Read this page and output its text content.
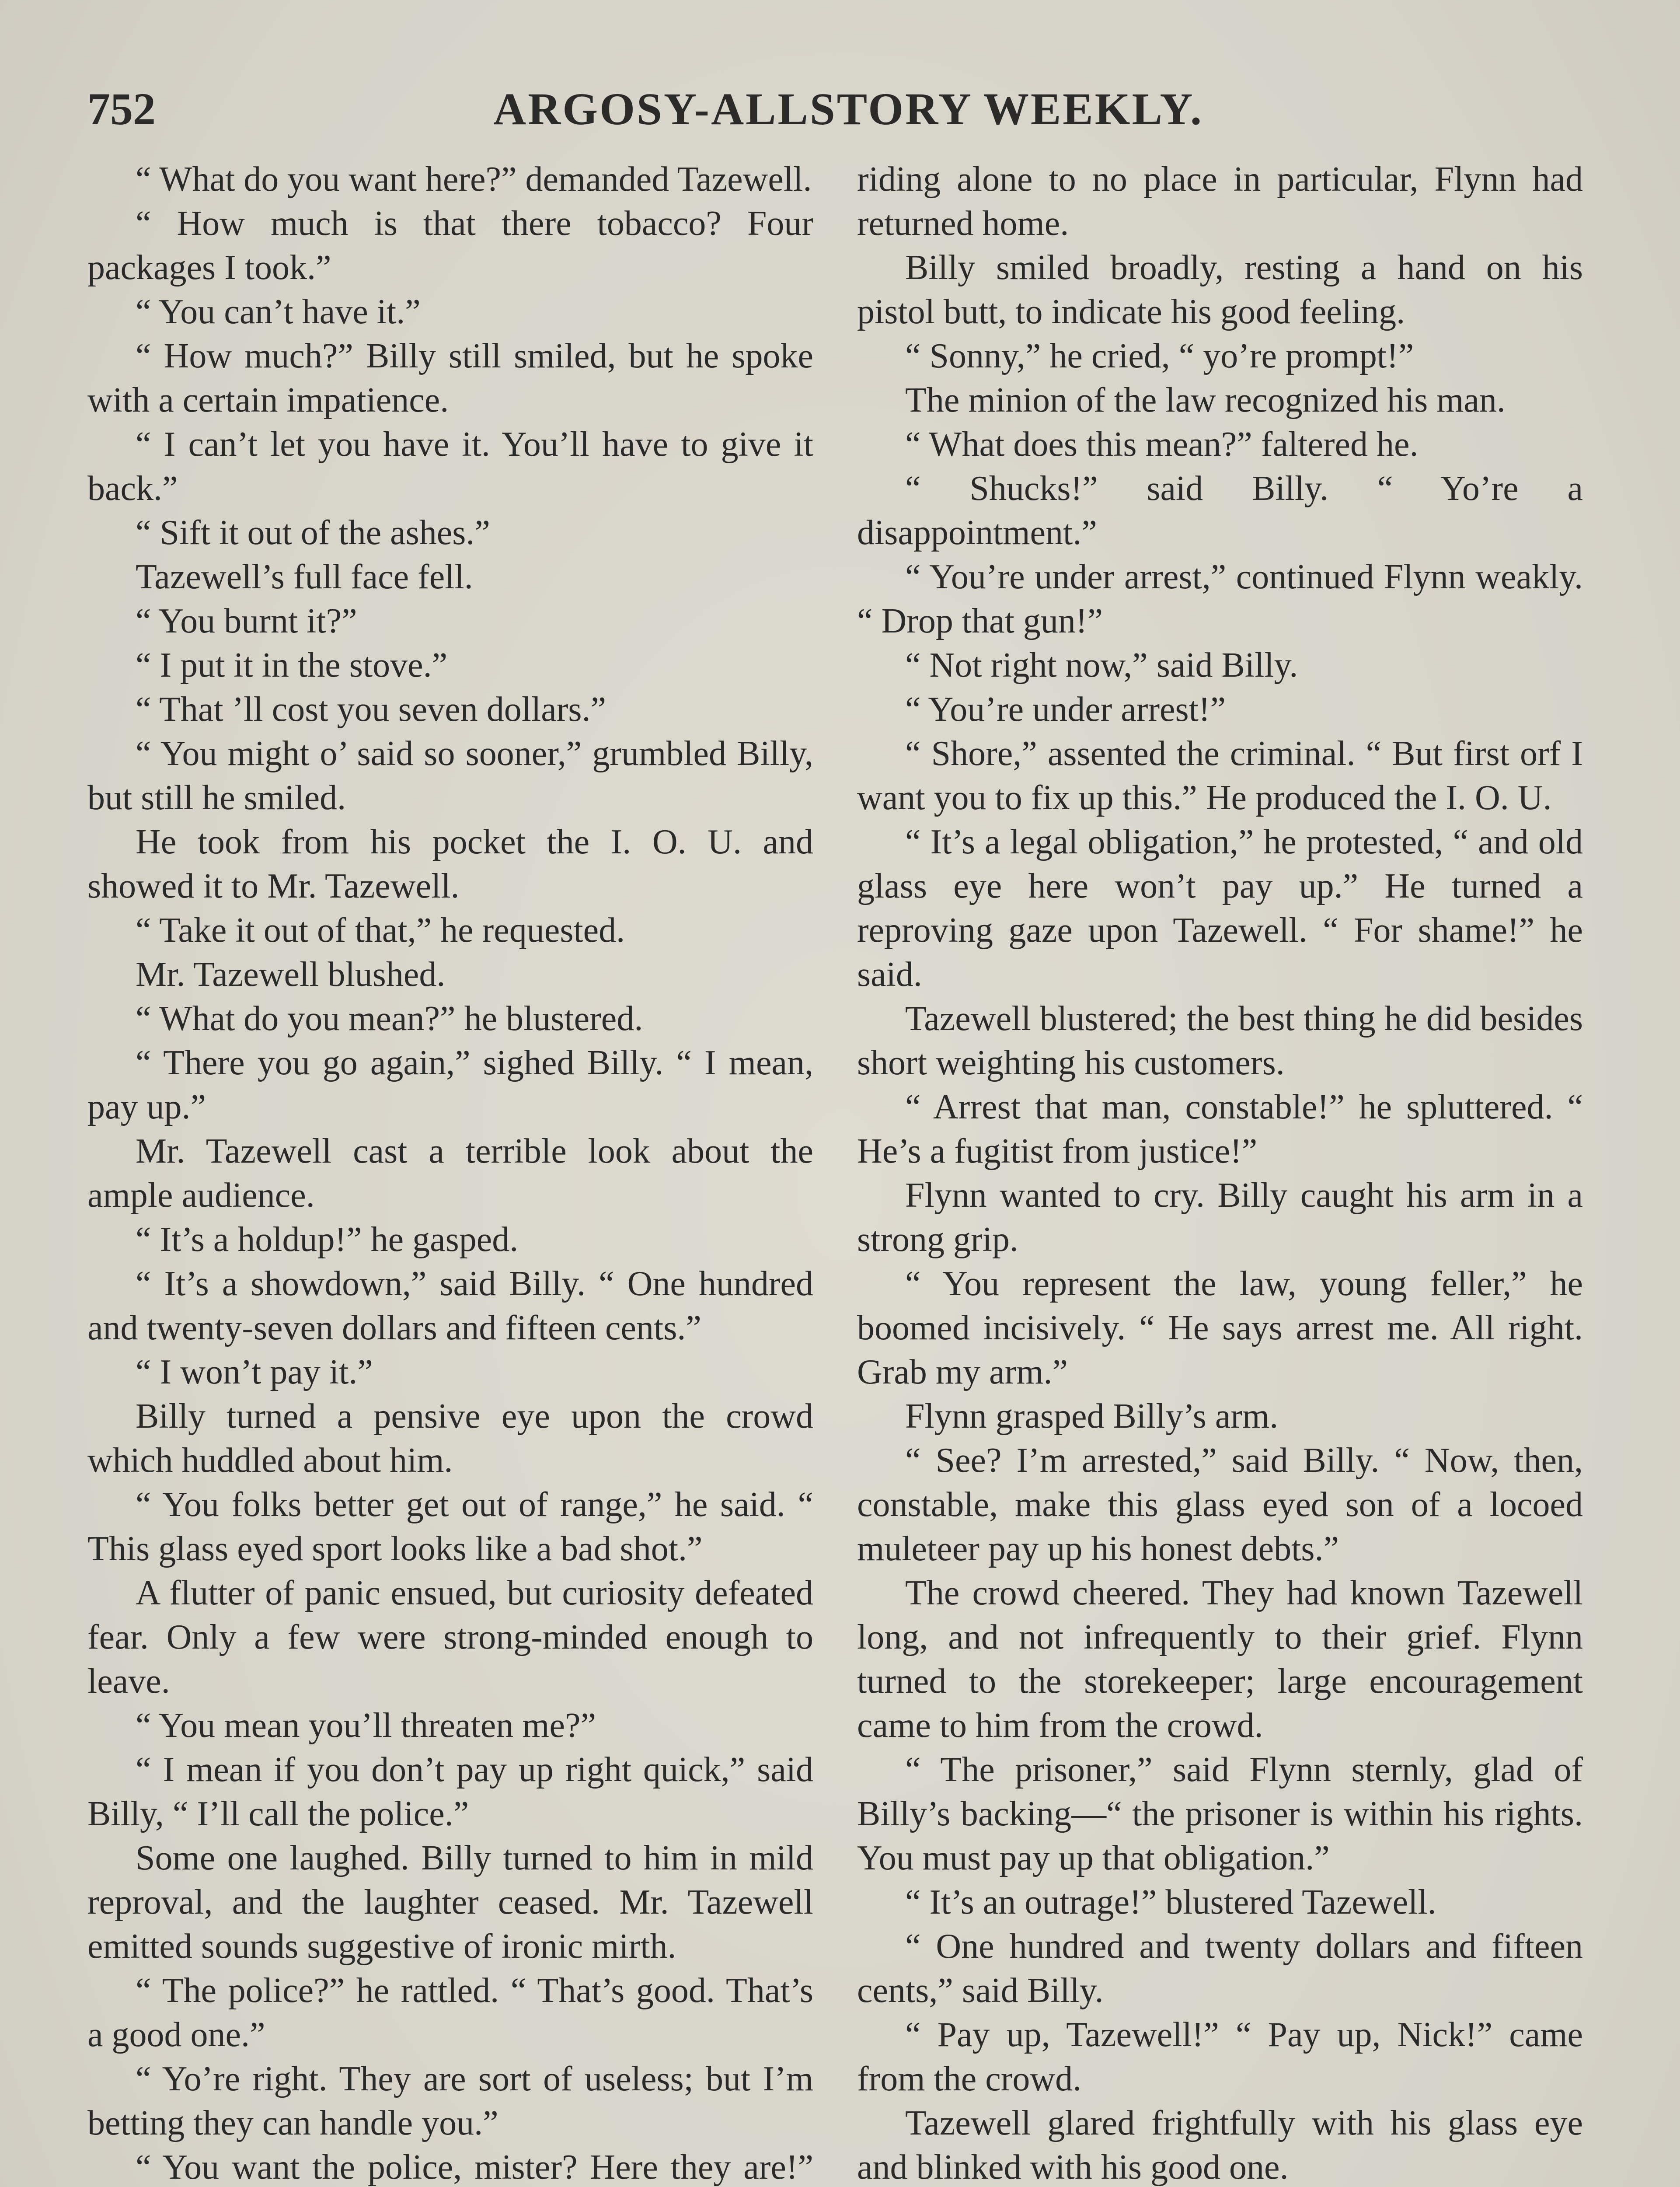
752	ARGOSY-ALLSTORY WEEKLY.

“ What do you want here?” demanded Tazewell.

“ How much is that there tobacco? Four packages I took.”

“ You can’t have it.”

“ How much?” Billy still smiled, but he spoke with a certain impatience.

“ I can’t let you have it. You’ll have to give it back.”

“ Sift it out of the ashes.”

Tazewell’s full face fell.

“ You burnt it?”

“ I put it in the stove.”

“ That ’ll cost you seven dollars.”

“ You might o’ said so sooner,” grumbled Billy, but still he smiled.

He took from his pocket the I. O. U. and showed it to Mr. Tazewell.

“ Take it out of that,” he requested.

Mr. Tazewell blushed.

“ What do you mean?” he blustered.

“ There you go again,” sighed Billy. “ I mean, pay up.”

Mr. Tazewell cast a terrible look about the ample audience.

“ It’s a holdup!” he gasped.

“ It’s a showdown,” said Billy. “ One hundred and twenty-seven dollars and fifteen cents.”

“ I won’t pay it.”

Billy turned a pensive eye upon the crowd which huddled about him.

“ You folks better get out of range,” he said. “ This glass eyed sport looks like a bad shot.”

A flutter of panic ensued, but curiosity defeated fear. Only a few were strong-minded enough to leave.

“ You mean you’ll threaten me?”

“ I mean if you don’t pay up right quick,” said Billy, “ I’ll call the police.”

Some one laughed. Billy turned to him in mild reproval, and the laughter ceased. Mr. Tazewell emitted sounds suggestive of ironic mirth.

“ The police?” he rattled. “ That’s good. That’s a good one.”

“ Yo’re right. They are sort of useless; but I’m betting they can handle you.”

“ You want the police, mister? Here they are!”

riding alone to no place in particular, Flynn had returned home.

Billy smiled broadly, resting a hand on his pistol butt, to indicate his good feeling.

“ Sonny,” he cried, “ yo’re prompt!”

The minion of the law recognized his man.

“ What does this mean?” faltered he.

“ Shucks!” said Billy. “ Yo’re a disappointment.”

“ You’re under arrest,” continued Flynn weakly. “ Drop that gun!”

“ Not right now,” said Billy.

“ You’re under arrest!”

“ Shore,” assented the criminal. “ But first orf I want you to fix up this.” He produced the I. O. U.

“ It’s a legal obligation,” he protested, “ and old glass eye here won’t pay up.” He turned a reproving gaze upon Tazewell. “ For shame!” he said.

Tazewell blustered; the best thing he did besides short weighting his customers.

“ Arrest that man, constable!” he spluttered. “ He’s a fugitist from justice!”

Flynn wanted to cry. Billy caught his arm in a strong grip.

“ You represent the law, young feller,” he boomed incisively. “ He says arrest me. All right. Grab my arm.”

Flynn grasped Billy’s arm.

“ See? I’m arrested,” said Billy. “ Now, then, constable, make this glass eyed son of a locoed muleteer pay up his honest debts.”

The crowd cheered. They had known Tazewell long, and not infrequently to their grief. Flynn turned to the storekeeper; large encouragement came to him from the crowd.

“ The prisoner,” said Flynn sternly, glad of Billy’s backing—“ the prisoner is within his rights. You must pay up that obligation.”

“ It’s an outrage!” blustered Tazewell.

“ One hundred and twenty dollars and fifteen cents,” said Billy.

“ Pay up, Tazewell!” “ Pay up, Nick!” came from the crowd.

Tazewell glared frightfully with his glass eye and blinked with his good one.
